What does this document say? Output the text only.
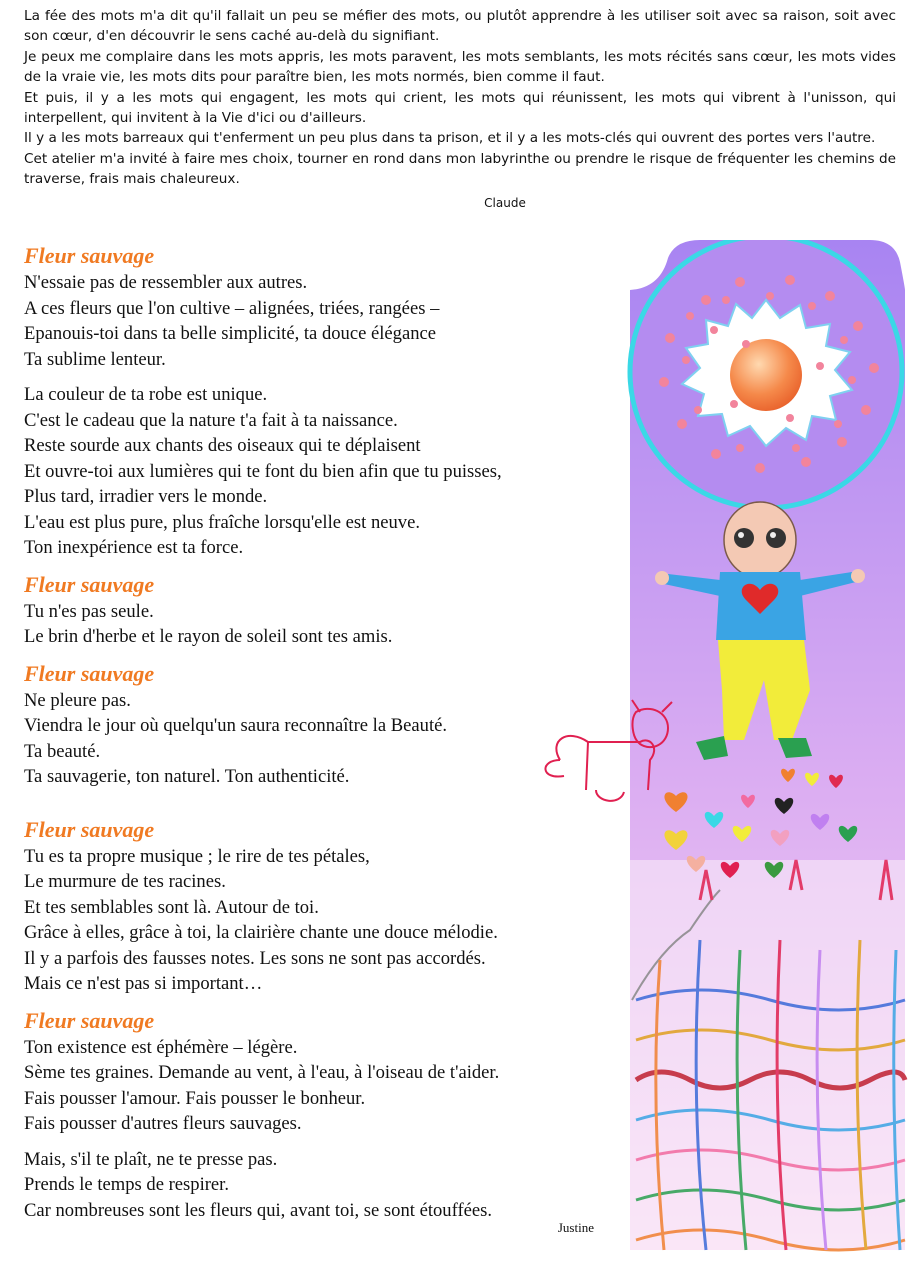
La fée des mots m'a dit qu'il fallait un peu se méfier des mots, ou plutôt apprendre à les utiliser soit avec sa raison, soit avec son cœur, d'en découvrir le sens caché au-delà du signifiant.

Je peux me complaire dans les mots appris, les mots paravent, les mots semblants, les mots récités sans cœur, les mots vides de la vraie vie, les mots dits pour paraître bien, les mots normés, bien comme il faut.

Et puis, il y a les mots qui engagent, les mots qui crient, les mots qui réunissent, les mots qui vibrent à l'unisson, qui interpellent, qui invitent à la Vie d'ici ou d'ailleurs.

Il y a les mots barreaux qui t'enferment un peu plus dans ta prison, et il y a les mots-clés qui ouvrent des portes vers l'autre.

Cet atelier m'a invité à faire mes choix, tourner en rond dans mon labyrinthe ou prendre le risque de fréquenter les chemins de traverse, frais mais chaleureux.

Claude

Fleur sauvage
N'essaie pas de ressembler aux autres.
A ces fleurs que l'on cultive – alignées, triées, rangées –
Epanouis-toi dans ta belle simplicité, ta douce élégance
Ta sublime lenteur.
La couleur de ta robe est unique.
C'est le cadeau que la nature t'a fait à ta naissance.
Reste sourde aux chants des oiseaux qui te déplaisent
Et ouvre-toi aux lumières qui te font du bien afin que tu puisses,
Plus tard, irradier vers le monde.
L'eau est plus pure, plus fraîche lorsqu'elle est neuve.
Ton inexpérience est ta force.
Fleur sauvage
Tu n'es pas seule.
Le brin d'herbe et le rayon de soleil sont tes amis.
Fleur sauvage
Ne pleure pas.
Viendra le jour où quelqu'un saura reconnaître la Beauté.
Ta beauté.
Ta sauvagerie, ton naturel. Ton authenticité.
Fleur sauvage
Tu es ta propre musique ; le rire de tes pétales,
Le murmure de tes racines.
Et tes semblables sont là. Autour de toi.
Grâce à elles, grâce à toi, la clairière chante une douce mélodie.
Il y a parfois des fausses notes. Les sons ne sont pas accordés.
Mais ce n'est pas si important…
Fleur sauvage
Ton existence est éphémère – légère.
Sème tes graines. Demande au vent, à l'eau, à l'oiseau de t'aider.
Fais pousser l'amour. Fais pousser le bonheur.
Fais pousser d'autres fleurs sauvages.
Mais, s'il te plaît, ne te presse pas.
Prends le temps de respirer.
Car nombreuses sont les fleurs qui, avant toi, se sont étouffées.
Justine
